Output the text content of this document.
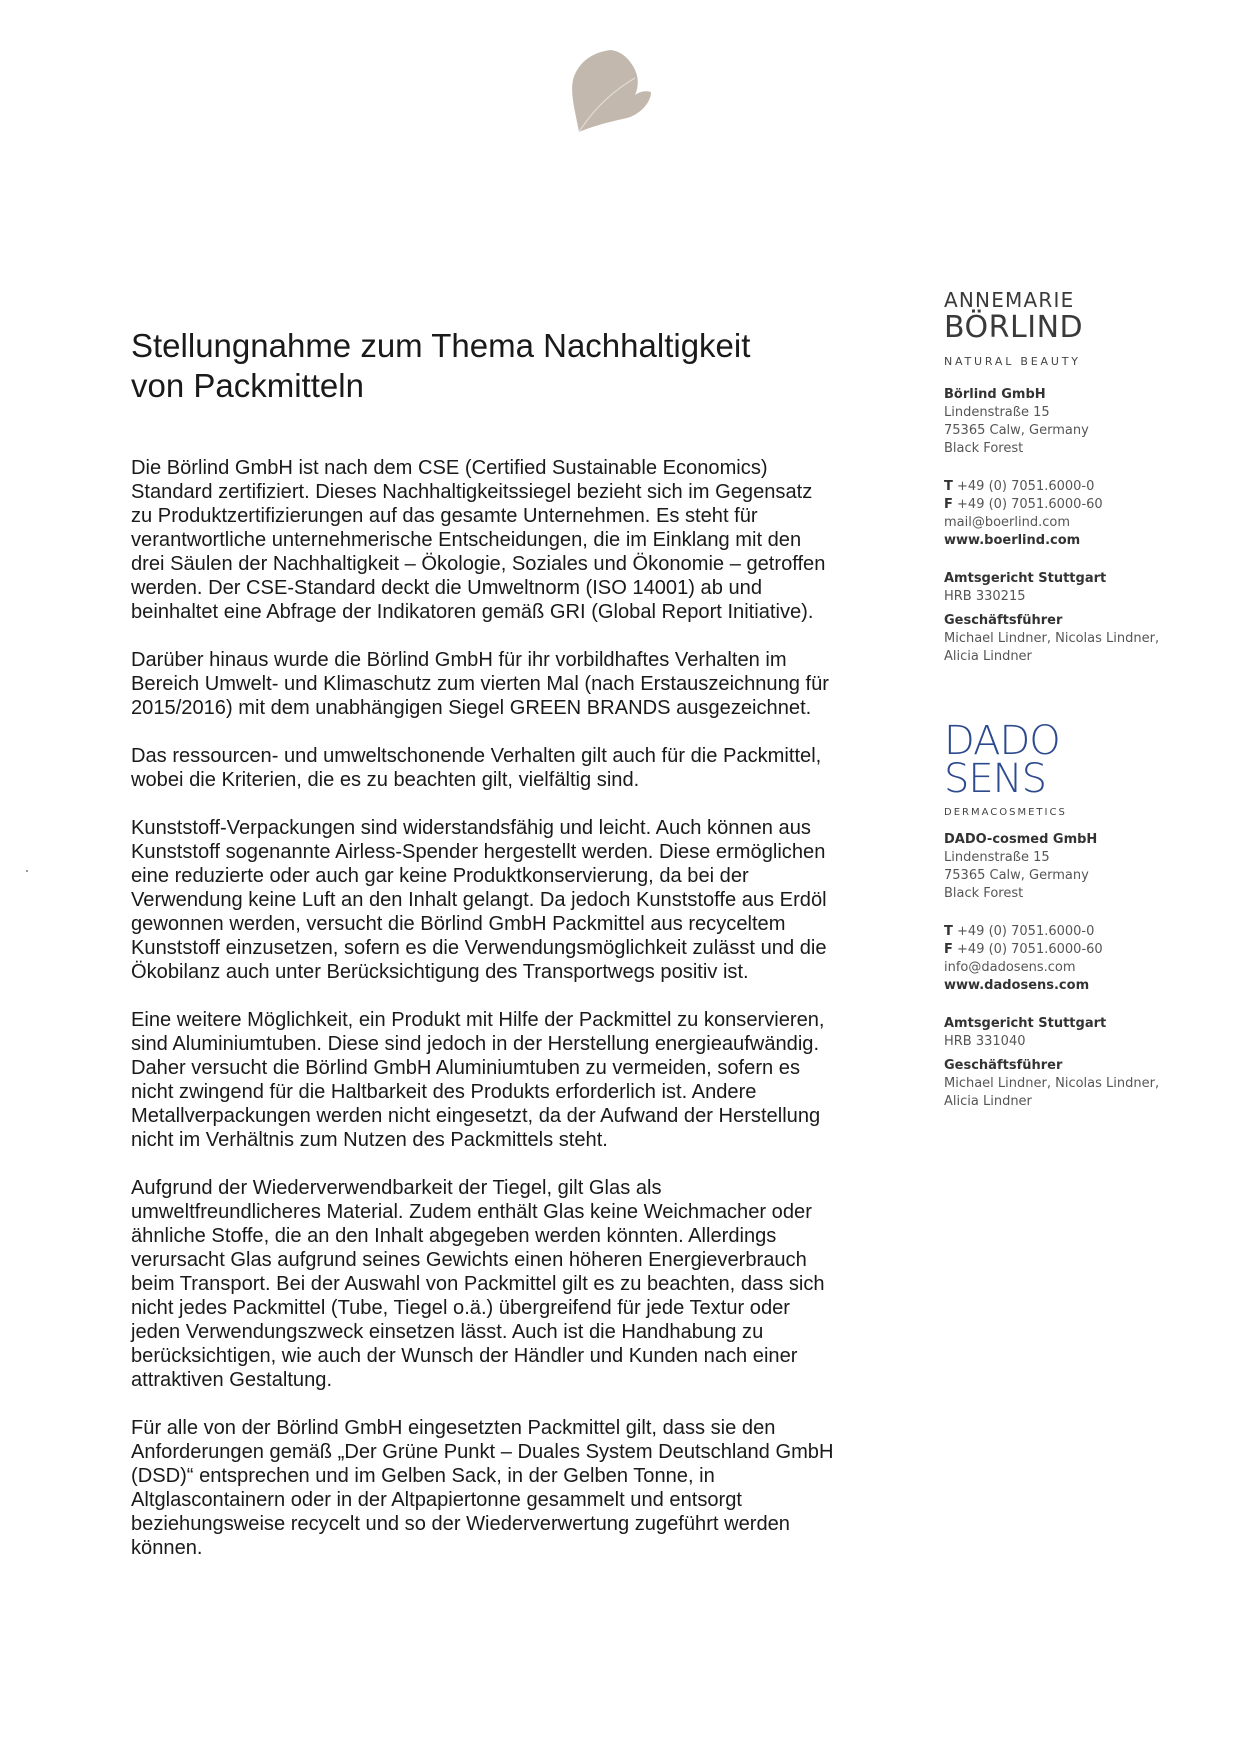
Stellungnahme zum Thema Nachhaltigkeit
von Packmitteln

Die Börlind GmbH ist nach dem CSE (Certified Sustainable Economics)
Standard zertifiziert. Dieses Nachhaltigkeitssiegel bezieht sich im Gegensatz
zu Produktzertifizierungen auf das gesamte Unternehmen. Es steht für
verantwortliche unternehmerische Entscheidungen, die im Einklang mit den
drei Säulen der Nachhaltigkeit – Ökologie, Soziales und Ökonomie – getroffen
werden. Der CSE-Standard deckt die Umweltnorm (ISO 14001) ab und
beinhaltet eine Abfrage der Indikatoren gemäß GRI (Global Report Initiative).

Darüber hinaus wurde die Börlind GmbH für ihr vorbildhaftes Verhalten im
Bereich Umwelt- und Klimaschutz zum vierten Mal (nach Erstauszeichnung für
2015/2016) mit dem unabhängigen Siegel GREEN BRANDS ausgezeichnet.

Das ressourcen- und umweltschonende Verhalten gilt auch für die Packmittel,
wobei die Kriterien, die es zu beachten gilt, vielfältig sind.

Kunststoff-Verpackungen sind widerstandsfähig und leicht. Auch können aus
Kunststoff sogenannte Airless-Spender hergestellt werden. Diese ermöglichen
eine reduzierte oder auch gar keine Produktkonservierung, da bei der
Verwendung keine Luft an den Inhalt gelangt. Da jedoch Kunststoffe aus Erdöl
gewonnen werden, versucht die Börlind GmbH Packmittel aus recyceltem
Kunststoff einzusetzen, sofern es die Verwendungsmöglichkeit zulässt und die
Ökobilanz auch unter Berücksichtigung des Transportwegs positiv ist.

Eine weitere Möglichkeit, ein Produkt mit Hilfe der Packmittel zu konservieren,
sind Aluminiumtuben. Diese sind jedoch in der Herstellung energieaufwändig.
Daher versucht die Börlind GmbH Aluminiumtuben zu vermeiden, sofern es
nicht zwingend für die Haltbarkeit des Produkts erforderlich ist. Andere
Metallverpackungen werden nicht eingesetzt, da der Aufwand der Herstellung
nicht im Verhältnis zum Nutzen des Packmittels steht.

Aufgrund der Wiederverwendbarkeit der Tiegel, gilt Glas als
umweltfreundlicheres Material. Zudem enthält Glas keine Weichmacher oder
ähnliche Stoffe, die an den Inhalt abgegeben werden könnten. Allerdings
verursacht Glas aufgrund seines Gewichts einen höheren Energieverbrauch
beim Transport. Bei der Auswahl von Packmittel gilt es zu beachten, dass sich
nicht jedes Packmittel (Tube, Tiegel o.ä.) übergreifend für jede Textur oder
jeden Verwendungszweck einsetzen lässt. Auch ist die Handhabung zu
berücksichtigen, wie auch der Wunsch der Händler und Kunden nach einer
attraktiven Gestaltung.

Für alle von der Börlind GmbH eingesetzten Packmittel gilt, dass sie den
Anforderungen gemäß „Der Grüne Punkt – Duales System Deutschland GmbH
(DSD)“ entsprechen und im Gelben Sack, in der Gelben Tonne, in
Altglascontainern oder in der Altpapiertonne gesammelt und entsorgt
beziehungsweise recycelt und so der Wiederverwertung zugeführt werden
können.

ANNEMARIE
BÖRLIND
NATURAL BEAUTY
Börlind GmbH
Lindenstraße 15
75365 Calw, Germany
Black Forest
T +49 (0) 7051.6000-0
F +49 (0) 7051.6000-60
mail@boerlind.com
www.boerlind.com
Amtsgericht Stuttgart
HRB 330215
Geschäftsführer
Michael Lindner, Nicolas Lindner,
Alicia Lindner
DADO
SENS
DERMACOSMETICS
DADO-cosmed GmbH
Lindenstraße 15
75365 Calw, Germany
Black Forest
T +49 (0) 7051.6000-0
F +49 (0) 7051.6000-60
info@dadosens.com
www.dadosens.com
Amtsgericht Stuttgart
HRB 331040
Geschäftsführer
Michael Lindner, Nicolas Lindner,
Alicia Lindner
